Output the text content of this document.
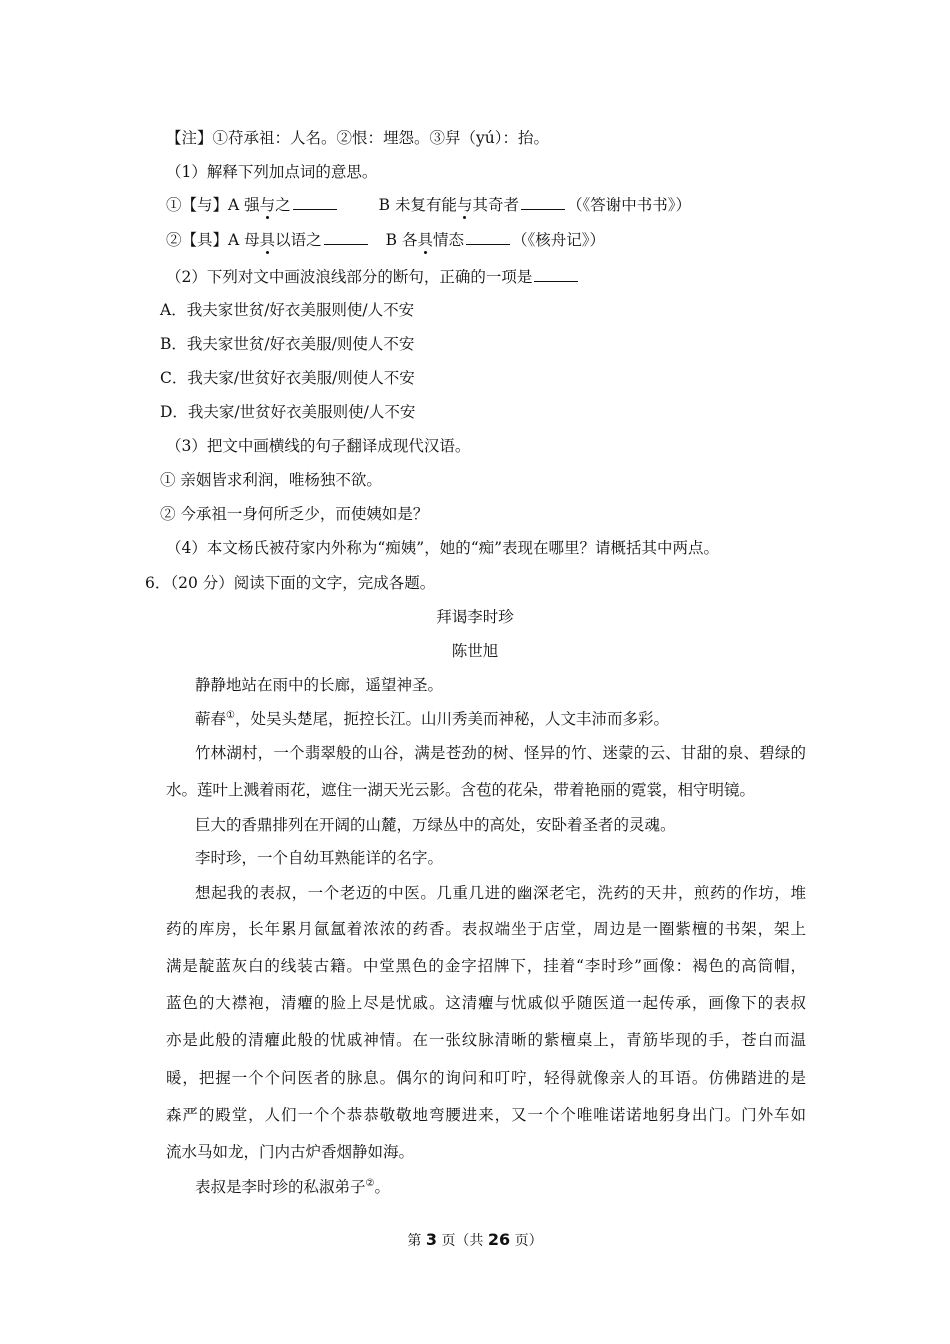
【注】①苻承祖：人名。②恨：埋怨。③舁（yú）：抬。
（1）解释下列加点词的意思。
①【与】A 强与之	B 未复有能与其奇者	（《答谢中书书》）
②【具】A 母具以语之	B 各具情态	（《核舟记》）
（2）下列对文中画波浪线部分的断句，正确的一项是
A．我夫家世贫/好衣美服则使/人不安
B．我夫家世贫/好衣美服/则使人不安
C．我夫家/世贫好衣美服/则使人不安
D．我夫家/世贫好衣美服则使/人不安
（3）把文中画横线的句子翻译成现代汉语。
① 亲姻皆求利润，唯杨独不欲。
② 今承祖一身何所乏少，而使姨如是？
（4）本文杨氏被苻家内外称为“痴姨”，她的“痴”表现在哪里？请概括其中两点。
6．（20 分）阅读下面的文字，完成各题。
拜谒李时珍
陈世旭
静静地站在雨中的长廊，遥望神圣。
蕲春①，处吴头楚尾，扼控长江。山川秀美而神秘，人文丰沛而多彩。
竹林湖村，一个翡翠般的山谷，满是苍劲的树、怪异的竹、迷蒙的云、甘甜的泉、碧绿的
水。莲叶上溅着雨花，遮住一湖天光云影。含苞的花朵，带着艳丽的霓裳，相守明镜。
巨大的香鼎排列在开阔的山麓，万绿丛中的高处，安卧着圣者的灵魂。
李时珍，一个自幼耳熟能详的名字。
想起我的表叔，一个老迈的中医。几重几进的幽深老宅，洗药的天井，煎药的作坊，堆
药的库房，长年累月氤氲着浓浓的药香。表叔端坐于店堂，周边是一圈紫檀的书架，架上
满是靛蓝灰白的线装古籍。中堂黑色的金字招牌下，挂着“李时珍”画像：褐色的高筒帽，
蓝色的大襟袍，清癯的脸上尽是忧戚。这清癯与忧戚似乎随医道一起传承，画像下的表叔
亦是此般的清癯此般的忧戚神情。在一张纹脉清晰的紫檀桌上，青筋毕现的手，苍白而温
暖，把握一个个问医者的脉息。偶尔的询问和叮咛，轻得就像亲人的耳语。仿佛踏进的是
森严的殿堂，人们一个个恭恭敬敬地弯腰进来，又一个个唯唯诺诺地躬身出门。门外车如
流水马如龙，门内古炉香烟静如海。
表叔是李时珍的私淑弟子②。
第 3 页（共 26 页）
